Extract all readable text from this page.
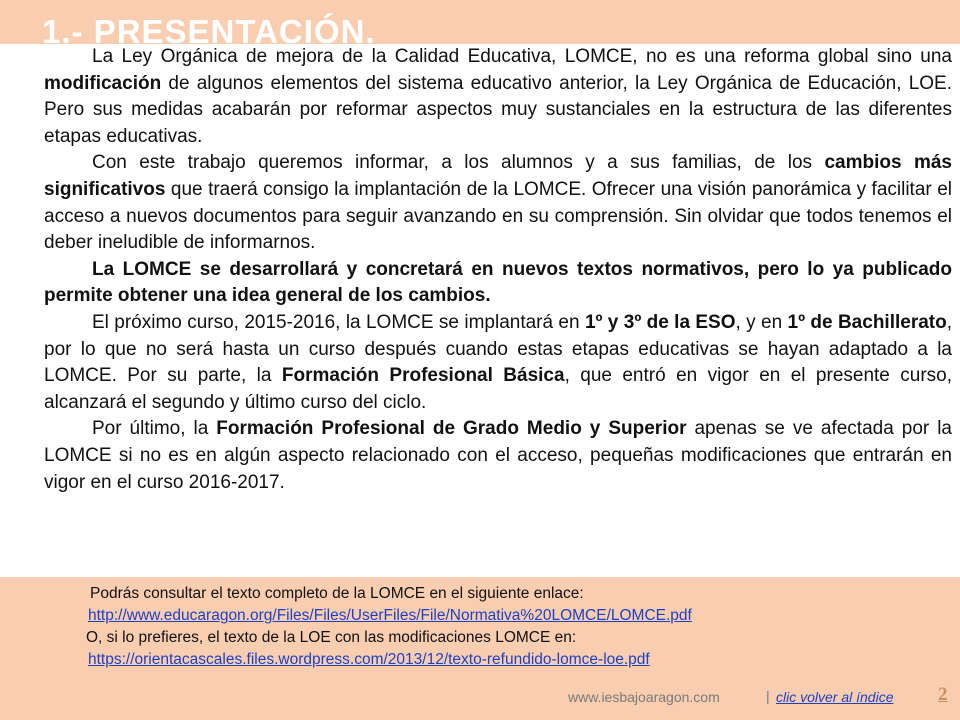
1.- PRESENTACIÓN.

La Ley Orgánica de mejora de la Calidad Educativa, LOMCE, no es una reforma global sino una modificación de algunos elementos del sistema educativo anterior, la Ley Orgánica de Educación, LOE. Pero sus medidas acabarán por reformar aspectos muy sustanciales en la estructura de las diferentes etapas educativas.

Con este trabajo queremos informar, a los alumnos y a sus familias, de los cambios más significativos que traerá consigo la implantación de la LOMCE. Ofrecer una visión panorámica y facilitar el acceso a nuevos documentos para seguir avanzando en su comprensión. Sin olvidar que todos tenemos el deber ineludible de informarnos.

La LOMCE se desarrollará y concretará en nuevos textos normativos, pero lo ya publicado permite obtener una idea general de los cambios.

El próximo curso, 2015-2016, la LOMCE se implantará en 1º y 3º de la ESO, y en 1º de Bachillerato, por lo que no será hasta un curso después cuando estas etapas educativas se hayan adaptado a la LOMCE. Por su parte, la Formación Profesional Básica, que entró en vigor en el presente curso, alcanzará el segundo y último curso del ciclo.

Por último, la Formación Profesional de Grado Medio y Superior apenas se ve afectada por la LOMCE si no es en algún aspecto relacionado con el acceso, pequeñas modificaciones que entrarán en vigor en el curso 2016-2017.

Podrás consultar el texto completo de la LOMCE en el siguiente enlace:
http://www.educaragon.org/Files/Files/UserFiles/File/Normativa%20LOMCE/LOMCE.pdf
O, si lo prefieres, el texto de la LOE con las modificaciones LOMCE en:
https://orientacascales.files.wordpress.com/2013/12/texto-refundido-lomce-loe.pdf
www.iesbajoaragon.com	| clic volver al índice 2
